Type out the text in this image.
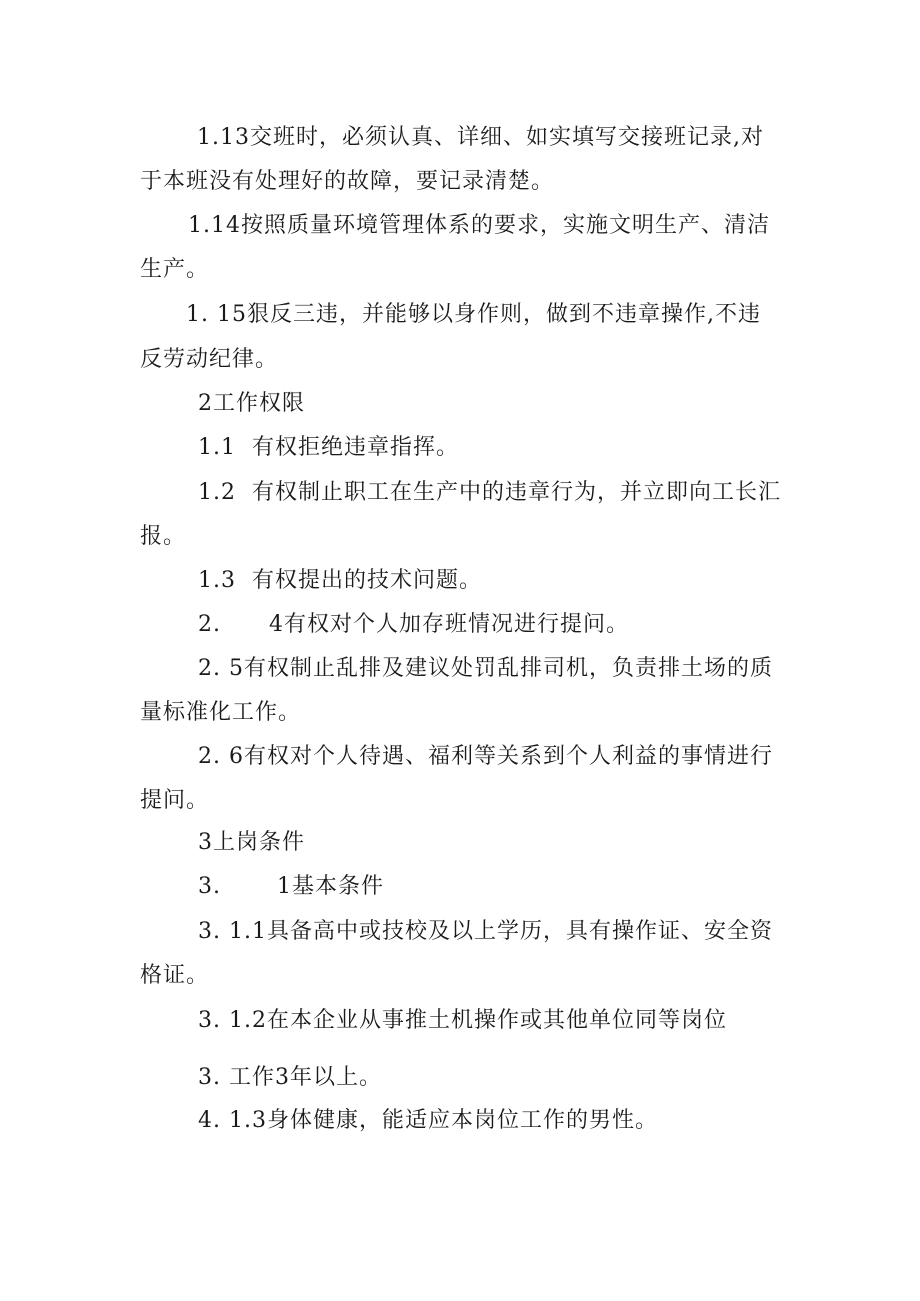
1.13交班时，必须认真、详细、如实填写交接班记录,对
于本班没有处理好的故障，要记录清楚。
1.14按照质量环境管理体系的要求，实施文明生产、清洁
生产。
1. 15狠反三违，并能够以身作则，做到不违章操作,不违
反劳动纪律。
2工作权限
1.1  有权拒绝违章指挥。
1.2  有权制止职工在生产中的违章行为，并立即向工长汇
报。
1.3  有权提出的技术问题。
2.      4有权对个人加存班情况进行提问。
2. 5有权制止乱排及建议处罚乱排司机，负责排土场的质
量标准化工作。
2. 6有权对个人待遇、福利等关系到个人利益的事情进行
提问。
3上岗条件
3.       1基本条件
3. 1.1具备高中或技校及以上学历，具有操作证、安全资
格证。
3. 1.2在本企业从事推土机操作或其他单位同等岗位
3. 工作3年以上。
4. 1.3身体健康，能适应本岗位工作的男性。
